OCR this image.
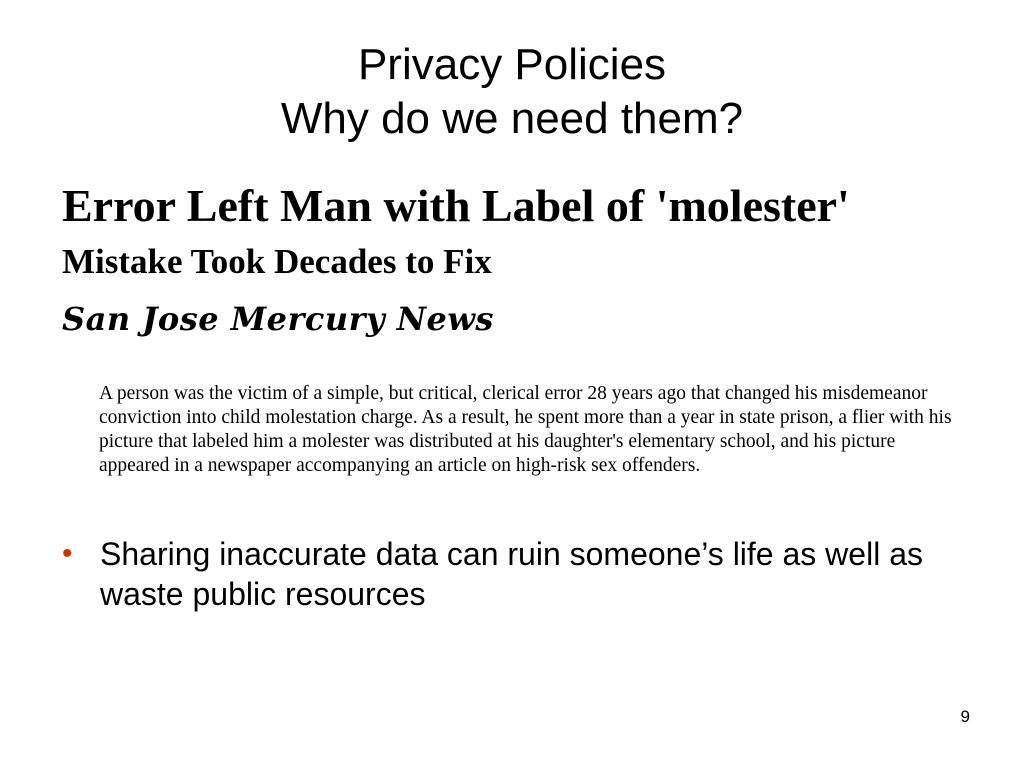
Privacy Policies
Why do we need them?
Error Left Man with Label of 'molester'
Mistake Took Decades to Fix
San Jose Mercury News

A person was the victim of a simple, but critical, clerical error 28 years ago that changed his misdemeanor conviction into child molestation charge. As a result, he spent more than a year in state prison, a flier with his picture that labeled him a molester was distributed at his daughter's elementary school, and his picture appeared in a newspaper accompanying an article on high-risk sex offenders.

• Sharing inaccurate data can ruin someone’s life as well as waste public resources
9
